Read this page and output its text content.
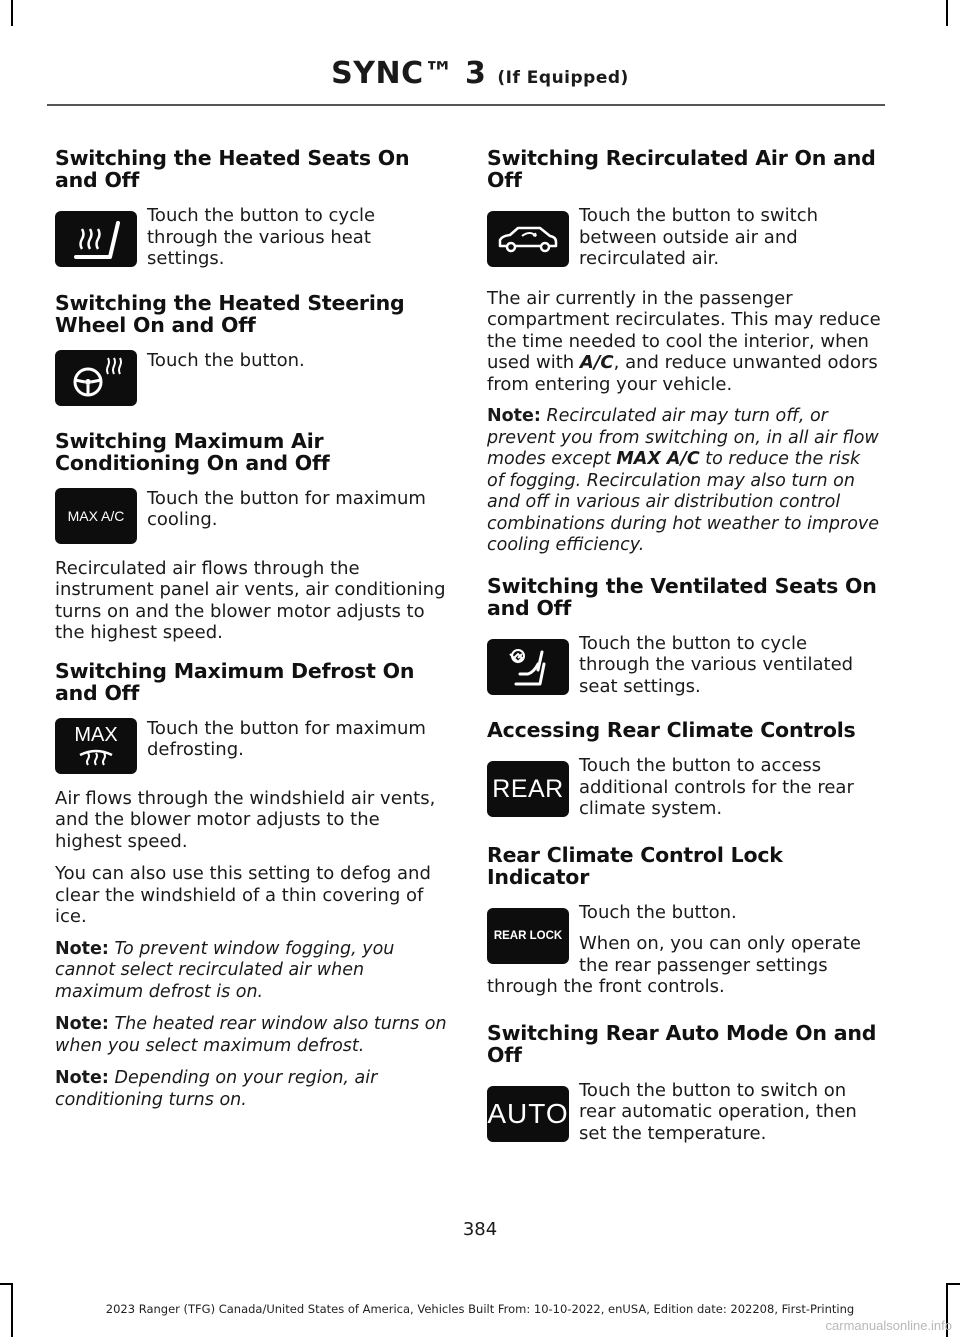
SYNC™ 3 (If Equipped)
Switching the Heated Seats On and Off

Touch the button to cycle through the various heat settings.

Switching the Heated Steering Wheel On and Off

Touch the button.

Switching Maximum Air Conditioning On and Off
MAX A/C

Touch the button for maximum cooling.

Recirculated air flows through the instrument panel air vents, air conditioning turns on and the blower motor adjusts to the highest speed.

Switching Maximum Defrost On and Off
MAX Touch the button for maximum defrosting.

Air flows through the windshield air vents, and the blower motor adjusts to the highest speed.

You can also use this setting to defog and clear the windshield of a thin covering of ice.

Note: To prevent window fogging, you cannot select recirculated air when maximum defrost is on.

Note: The heated rear window also turns on when you select maximum defrost.

Note: Depending on your region, air conditioning turns on.

Switching Recirculated Air On and Off

Touch the button to switch between outside air and recirculated air.

The air currently in the passenger compartment recirculates. This may reduce the time needed to cool the interior, when used with A/C, and reduce unwanted odors from entering your vehicle.

Note: Recirculated air may turn off, or prevent you from switching on, in all air flow modes except MAX A/C to reduce the risk of fogging. Recirculation may also turn on and off in various air distribution control combinations during hot weather to improve cooling efficiency.

Switching the Ventilated Seats On and Off

Touch the button to cycle through the various ventilated seat settings.

Accessing Rear Climate Controls
REAR

Touch the button to access additional controls for the rear climate system.

Rear Climate Control Lock Indicator
REAR LOCK

Touch the button.

When on, you can only operate the rear passenger settings

through the front controls.

Switching Rear Auto Mode On and Off
AUTO

Touch the button to switch on rear automatic operation, then set the temperature.

384
2023 Ranger (TFG) Canada/United States of America, Vehicles Built From: 10-10-2022, enUSA, Edition date: 202208, First-Printing
carmanualsonline.info
